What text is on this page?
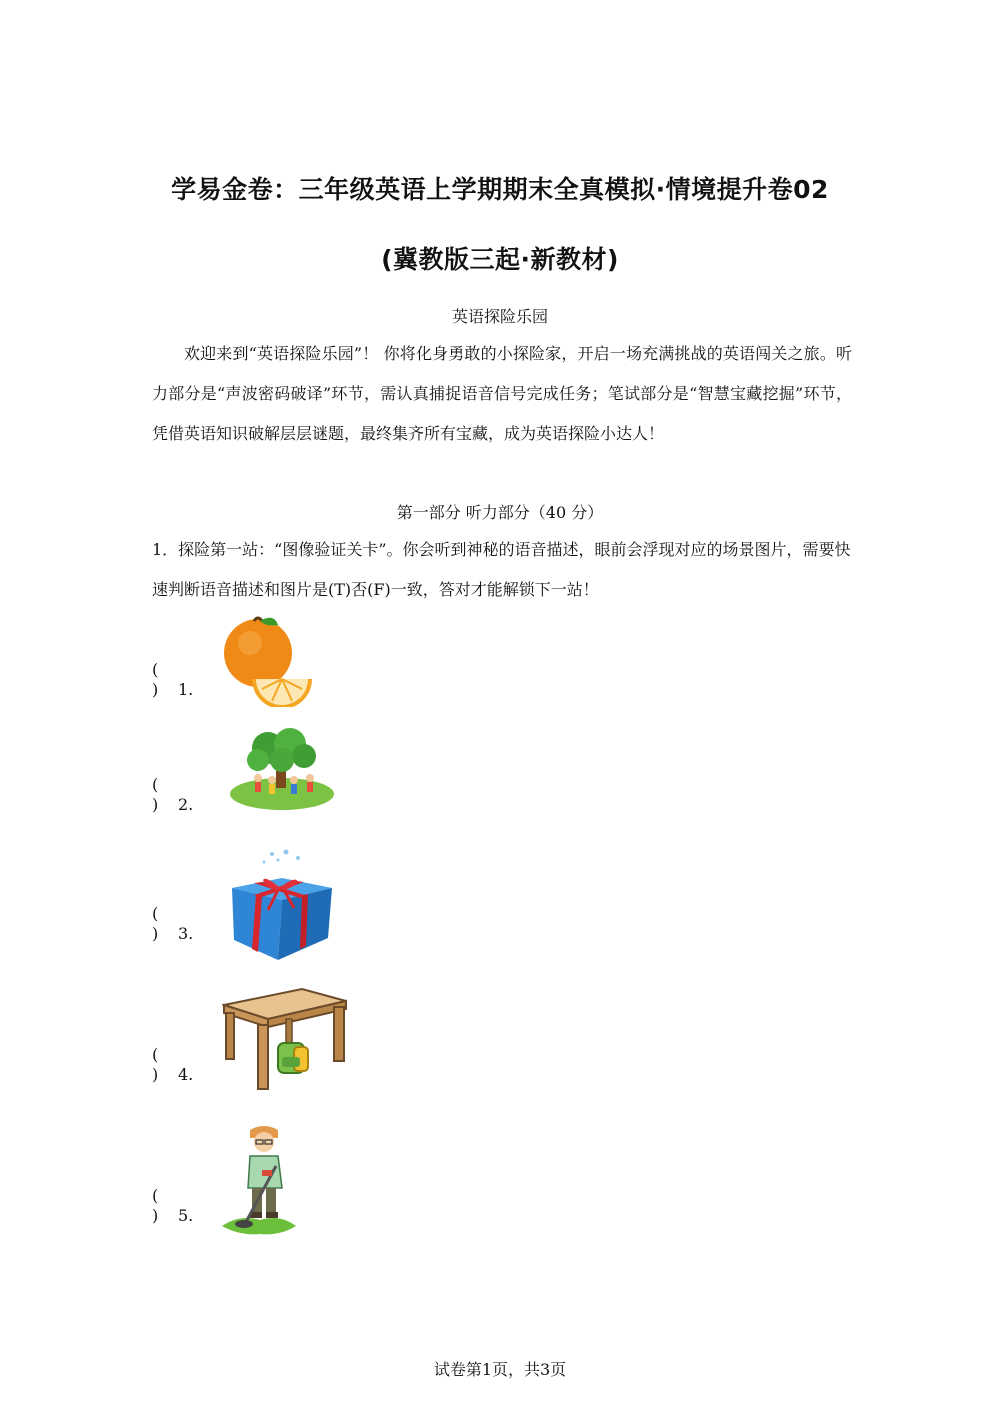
学易金卷：三年级英语上学期期末全真模拟·情境提升卷02
(冀教版三起·新教材)
英语探险乐园
欢迎来到“英语探险乐园”！ 你将化身勇敢的小探险家，开启一场充满挑战的英语闯关之旅。听力部分是“声波密码破译”环节，需认真捕捉语音信号完成任务；笔试部分是“智慧宝藏挖掘”环节，凭借英语知识破解层层谜题，最终集齐所有宝藏，成为英语探险小达人！
第一部分 听力部分（40 分）
1．探险第一站：“图像验证关卡”。你会听到神秘的语音描述，眼前会浮现对应的场景图片，需要快速判断语音描述和图片是(T)否(F)一致，答对才能解锁下一站！
(　 ) 1.
(　 ) 2.
(　 ) 3.
(　 ) 4.
(　 ) 5.
试卷第1页，共3页
